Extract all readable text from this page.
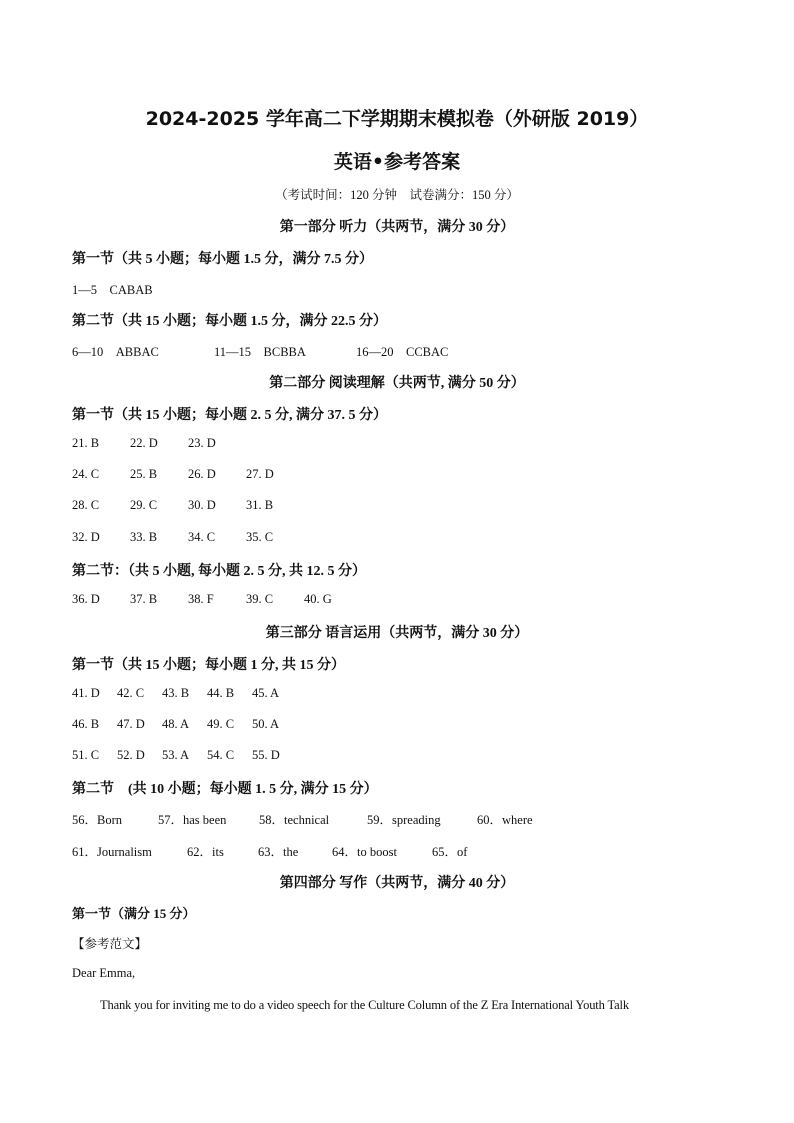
2024-2025 学年高二下学期期末模拟卷（外研版 2019）
英语•参考答案
（考试时间：120 分钟　试卷满分：150 分）
第一部分 听力（共两节，满分 30 分）
第一节（共 5 小题；每小题 1.5 分，满分 7.5 分）
1—5　CABAB
第二节（共 15 小题；每小题 1.5 分，满分 22.5 分）
6—10　ABBAC	11—15　BCBBA	16—20　CCBAC
第二部分 阅读理解（共两节, 满分 50 分）
第一节（共 15 小题；每小题 2. 5 分, 满分 37. 5 分）
21. B 22. D 23. D
24. C 25. B 26. D 27. D
28. C 29. C 30. D 31. B
32. D 33. B 34. C 35. C
第二节：（共 5 小题, 每小题 2. 5 分, 共 12. 5 分）
36. D 37. B 38. F	39. C 40. G
第三部分 语言运用（共两节，满分 30 分）
第一节（共 15 小题；每小题 1 分, 共 15 分）
41. D 42. C 43. B 44. B 45. A
46. B 47. D 48. A 49. C 50. A
51. C 52. D 53. A 54. C 55. D
第二节　(共 10 小题；每小题 1. 5 分, 满分 15 分）
56．Born	57．has been	58．technical	59．spreading	60．where
61．Journalism	62．its	63．the	64．to boost	65．of
第四部分 写作（共两节，满分 40 分）
第一节（满分 15 分）
【参考范文】
Dear Emma,
Thank you for inviting me to do a video speech for the Culture Column of the Z Era International Youth Talk
